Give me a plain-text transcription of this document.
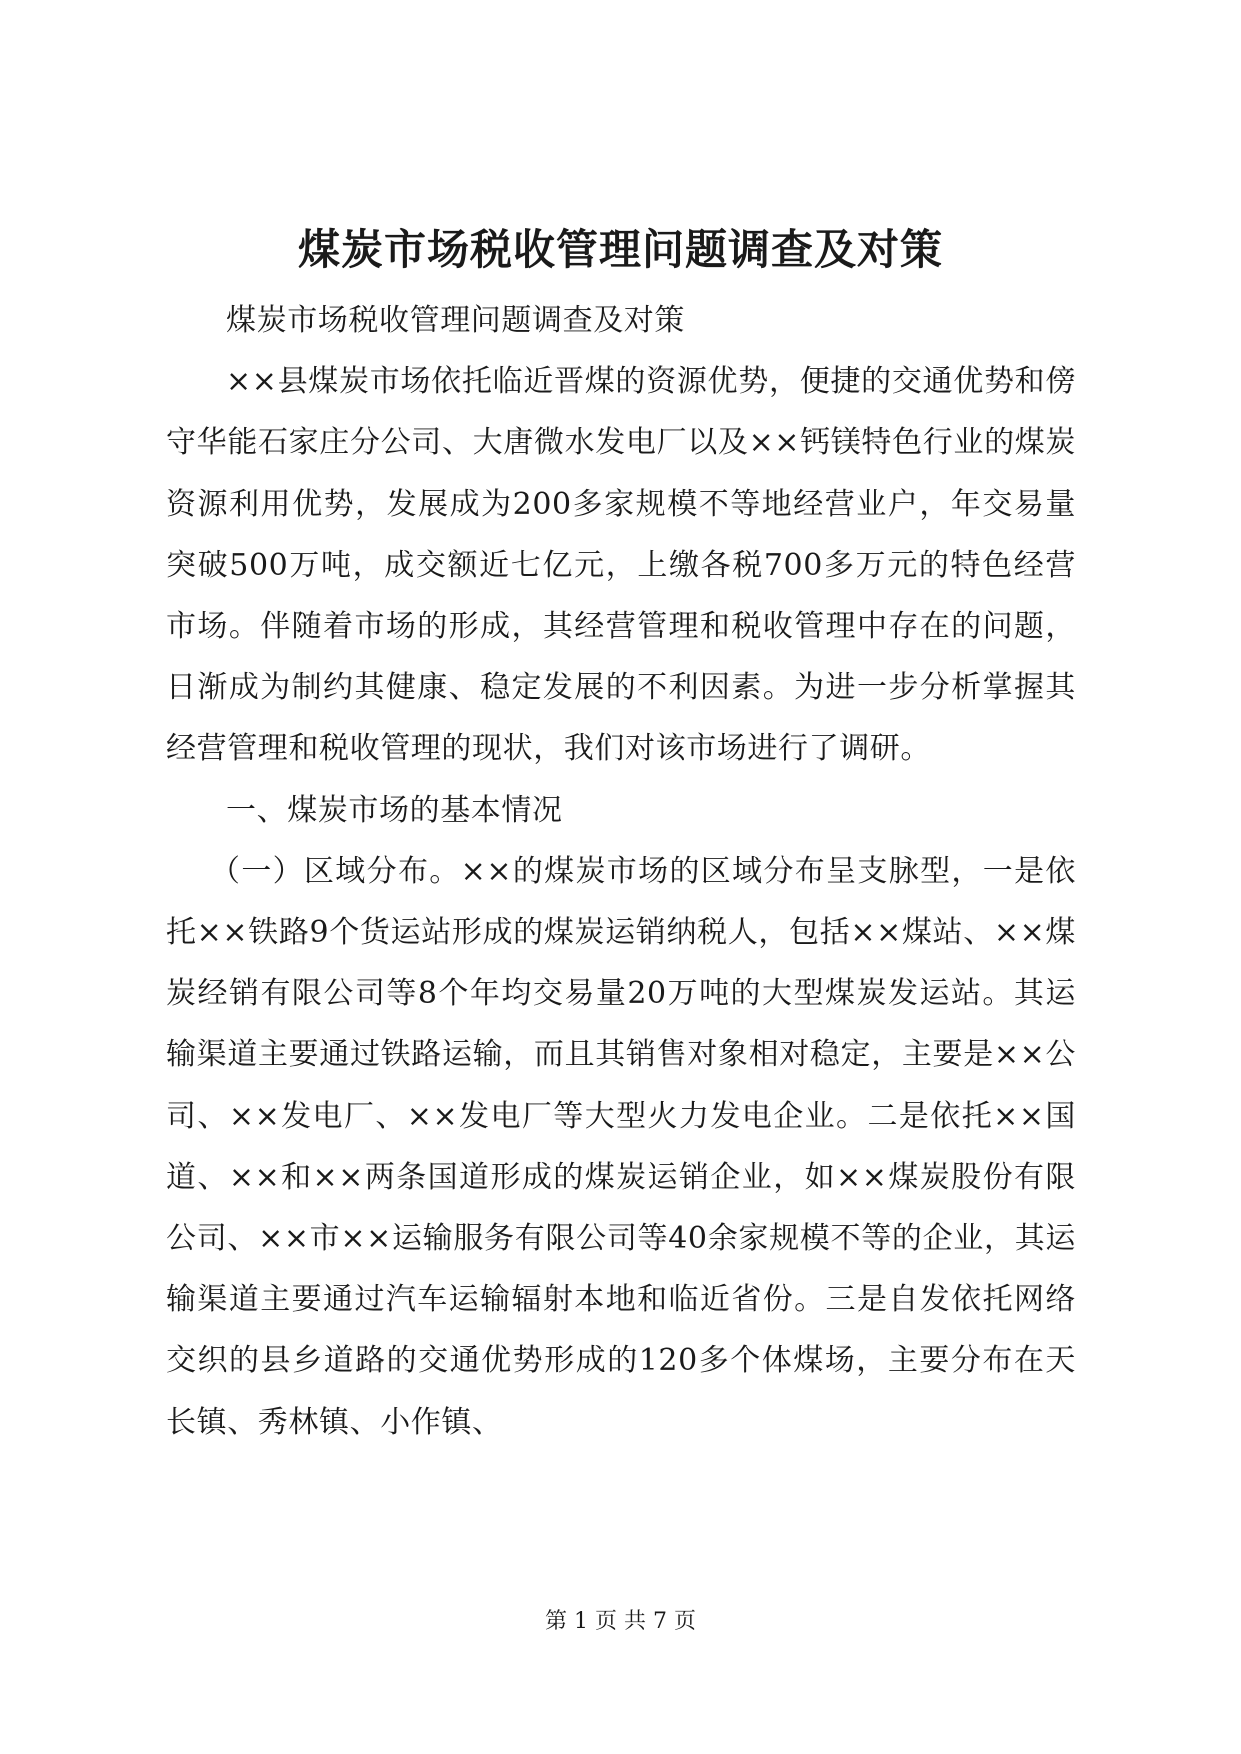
煤炭市场税收管理问题调查及对策

煤炭市场税收管理问题调查及对策

××县煤炭市场依托临近晋煤的资源优势，便捷的交通优势和傍守华能石家庄分公司、大唐微水发电厂以及××钙镁特色行业的煤炭资源利用优势，发展成为200多家规模不等地经营业户，年交易量突破500万吨，成交额近七亿元，上缴各税700多万元的特色经营市场。伴随着市场的形成，其经营管理和税收管理中存在的问题，日渐成为制约其健康、稳定发展的不利因素。为进一步分析掌握其经营管理和税收管理的现状，我们对该市场进行了调研。

一、煤炭市场的基本情况

（一）区域分布。××的煤炭市场的区域分布呈支脉型，一是依托××铁路9个货运站形成的煤炭运销纳税人，包括××煤站、××煤炭经销有限公司等8个年均交易量20万吨的大型煤炭发运站。其运输渠道主要通过铁路运输，而且其销售对象相对稳定，主要是××公司、××发电厂、××发电厂等大型火力发电企业。二是依托××国道、××和××两条国道形成的煤炭运销企业，如××煤炭股份有限公司、××市××运输服务有限公司等40余家规模不等的企业，其运输渠道主要通过汽车运输辐射本地和临近省份。三是自发依托网络交织的县乡道路的交通优势形成的120多个体煤场，主要分布在天长镇、秀林镇、小作镇、

第 1 页 共 7 页
